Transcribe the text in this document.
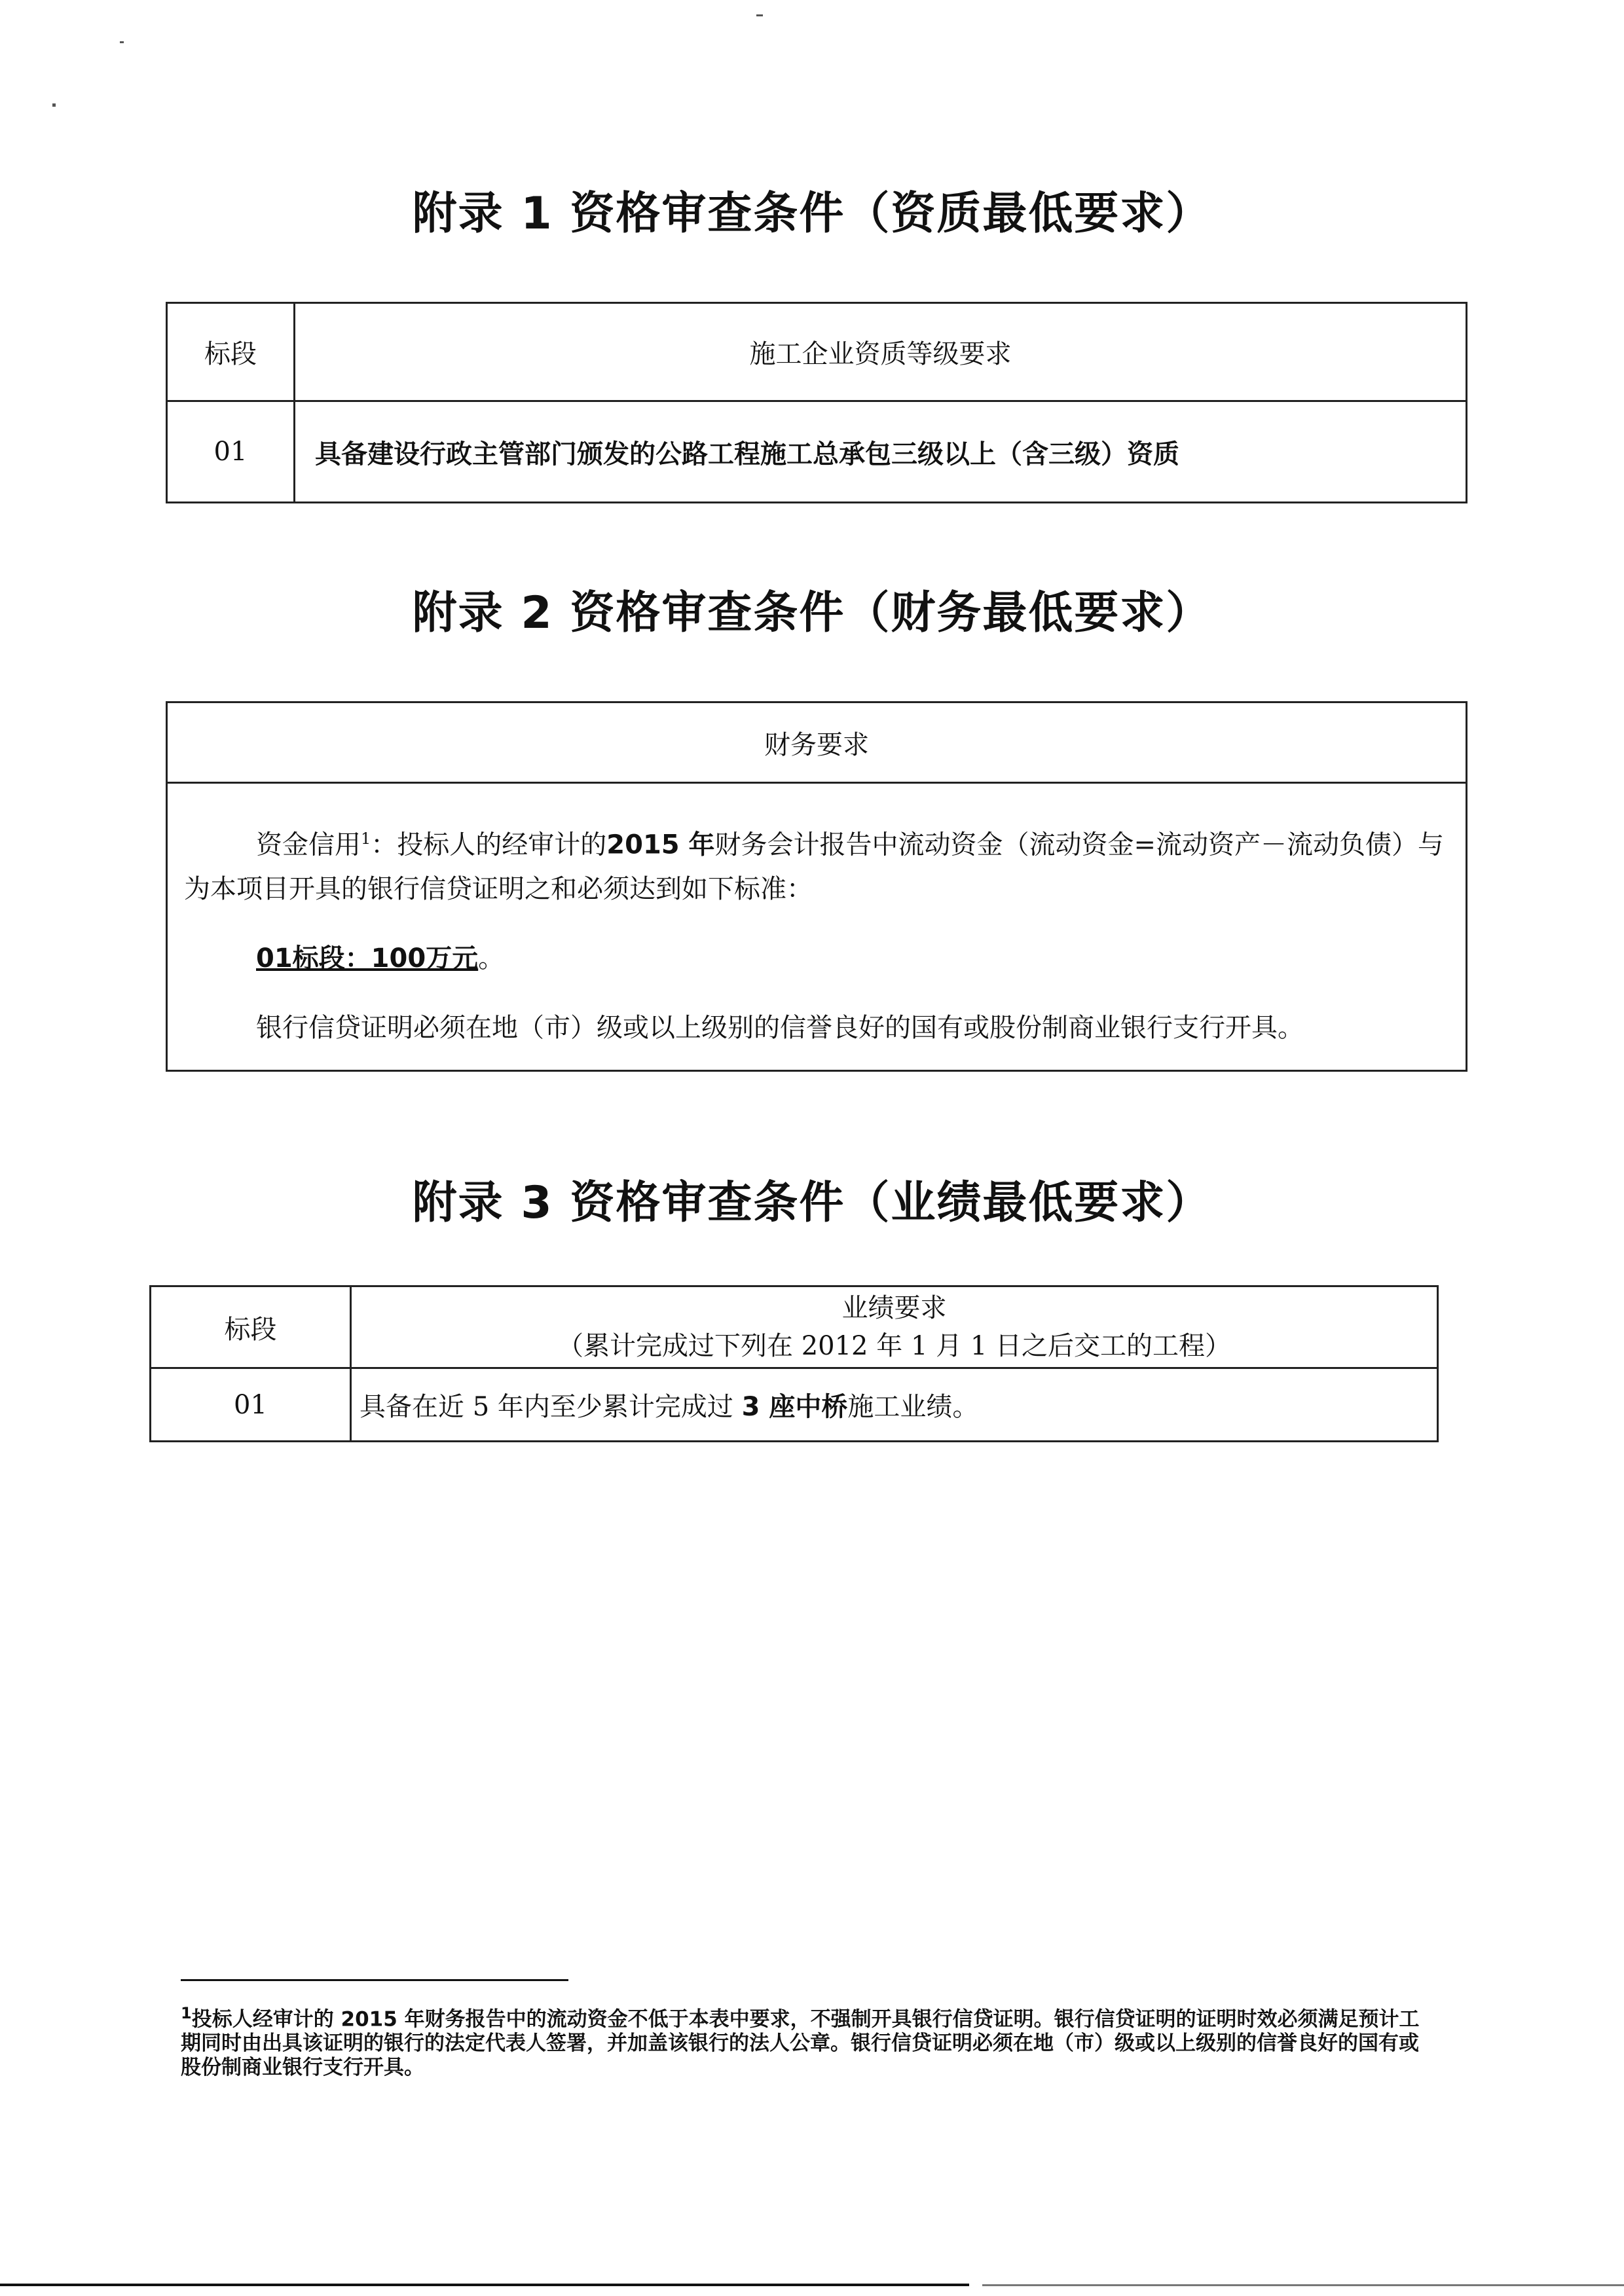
附录 1 资格审查条件（资质最低要求）
标段	施工企业资质等级要求
01	具备建设行政主管部门颁发的公路工程施工总承包三级以上（含三级）资质
附录 2 资格审查条件（财务最低要求）
财务要求

资金信用$^1$：投标人的经审计的2015 年财务会计报告中流动资金（流动资金=流动资产－流动负债）与为本项目开具的银行信贷证明之和必须达到如下标准：

01标段：100万元。

银行信贷证明必须在地（市）级或以上级别的信誉良好的国有或股份制商业银行支行开具。

附录 3 资格审查条件（业绩最低要求）
标段	业绩要求
（累计完成过下列在 2012 年 1 月 1 日之后交工的工程）

01	具备在近 5 年内至少累计完成过 3 座中桥施工业绩。
$^1$投标人经审计的 2015 年财务报告中的流动资金不低于本表中要求，不强制开具银行信贷证明。银行信贷证明的证明时效必须满足预计工期同时由出具该证明的银行的法定代表人签署，并加盖该银行的法人公章。银行信贷证明必须在地（市）级或以上级别的信誉良好的国有或股份制商业银行支行开具。
